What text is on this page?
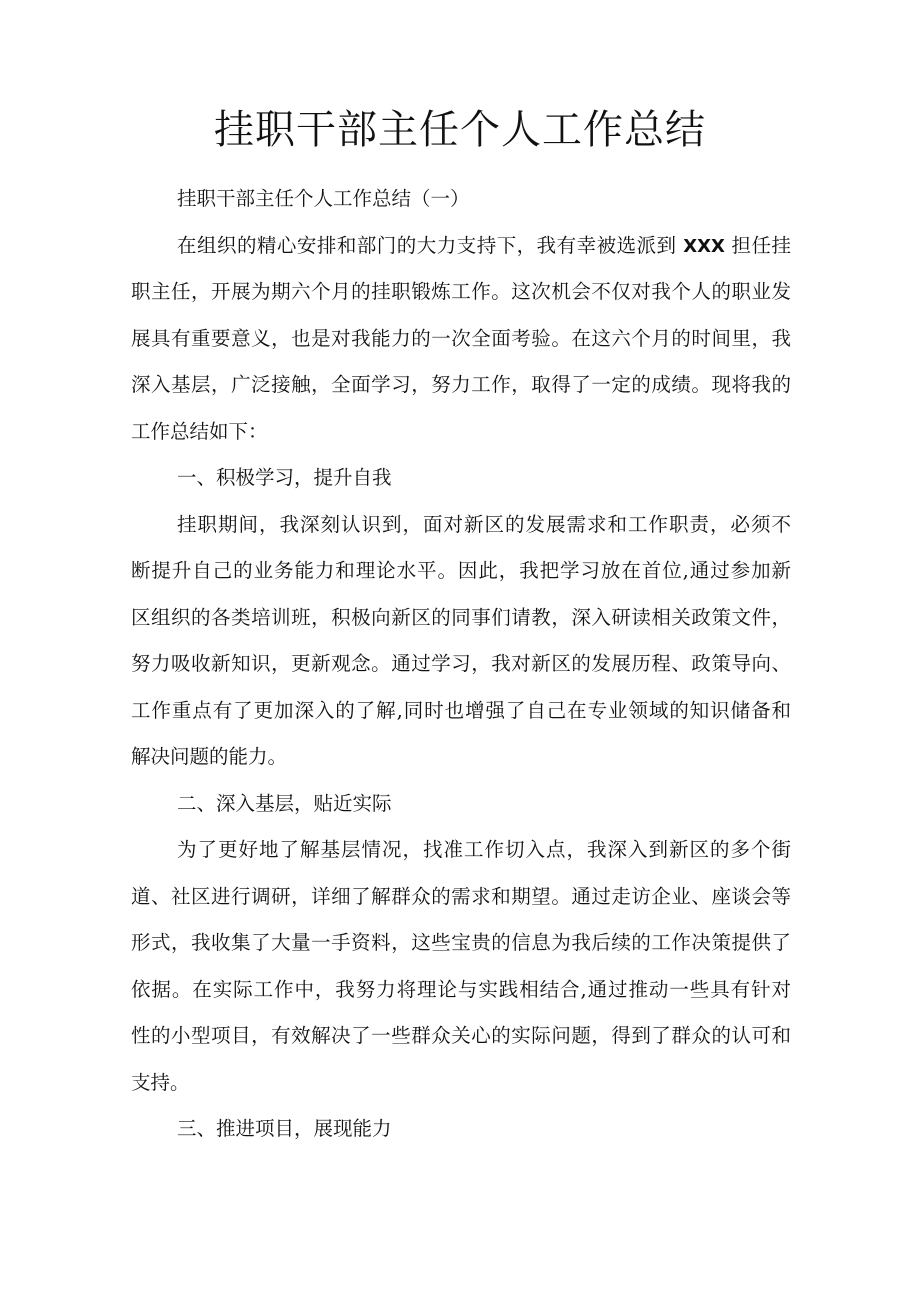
挂职干部主任个人工作总结
挂职干部主任个人工作总结（一）
在组织的精心安排和部门的大力支持下，我有幸被选派到 XXX 担任挂
职主任，开展为期六个月的挂职锻炼工作。这次机会不仅对我个人的职业发
展具有重要意义，也是对我能力的一次全面考验。在这六个月的时间里，我
深入基层，广泛接触，全面学习，努力工作，取得了一定的成绩。现将我的
工作总结如下：
一、积极学习，提升自我
挂职期间，我深刻认识到，面对新区的发展需求和工作职责，必须不
断提升自己的业务能力和理论水平。因此，我把学习放在首位,通过参加新
区组织的各类培训班，积极向新区的同事们请教，深入研读相关政策文件，
努力吸收新知识，更新观念。通过学习，我对新区的发展历程、政策导向、
工作重点有了更加深入的了解,同时也增强了自己在专业领域的知识储备和
解决问题的能力。
二、深入基层，贴近实际
为了更好地了解基层情况，找准工作切入点，我深入到新区的多个街
道、社区进行调研，详细了解群众的需求和期望。通过走访企业、座谈会等
形式，我收集了大量一手资料，这些宝贵的信息为我后续的工作决策提供了
依据。在实际工作中，我努力将理论与实践相结合,通过推动一些具有针对
性的小型项目，有效解决了一些群众关心的实际问题，得到了群众的认可和
支持。
三、推进项目，展现能力
